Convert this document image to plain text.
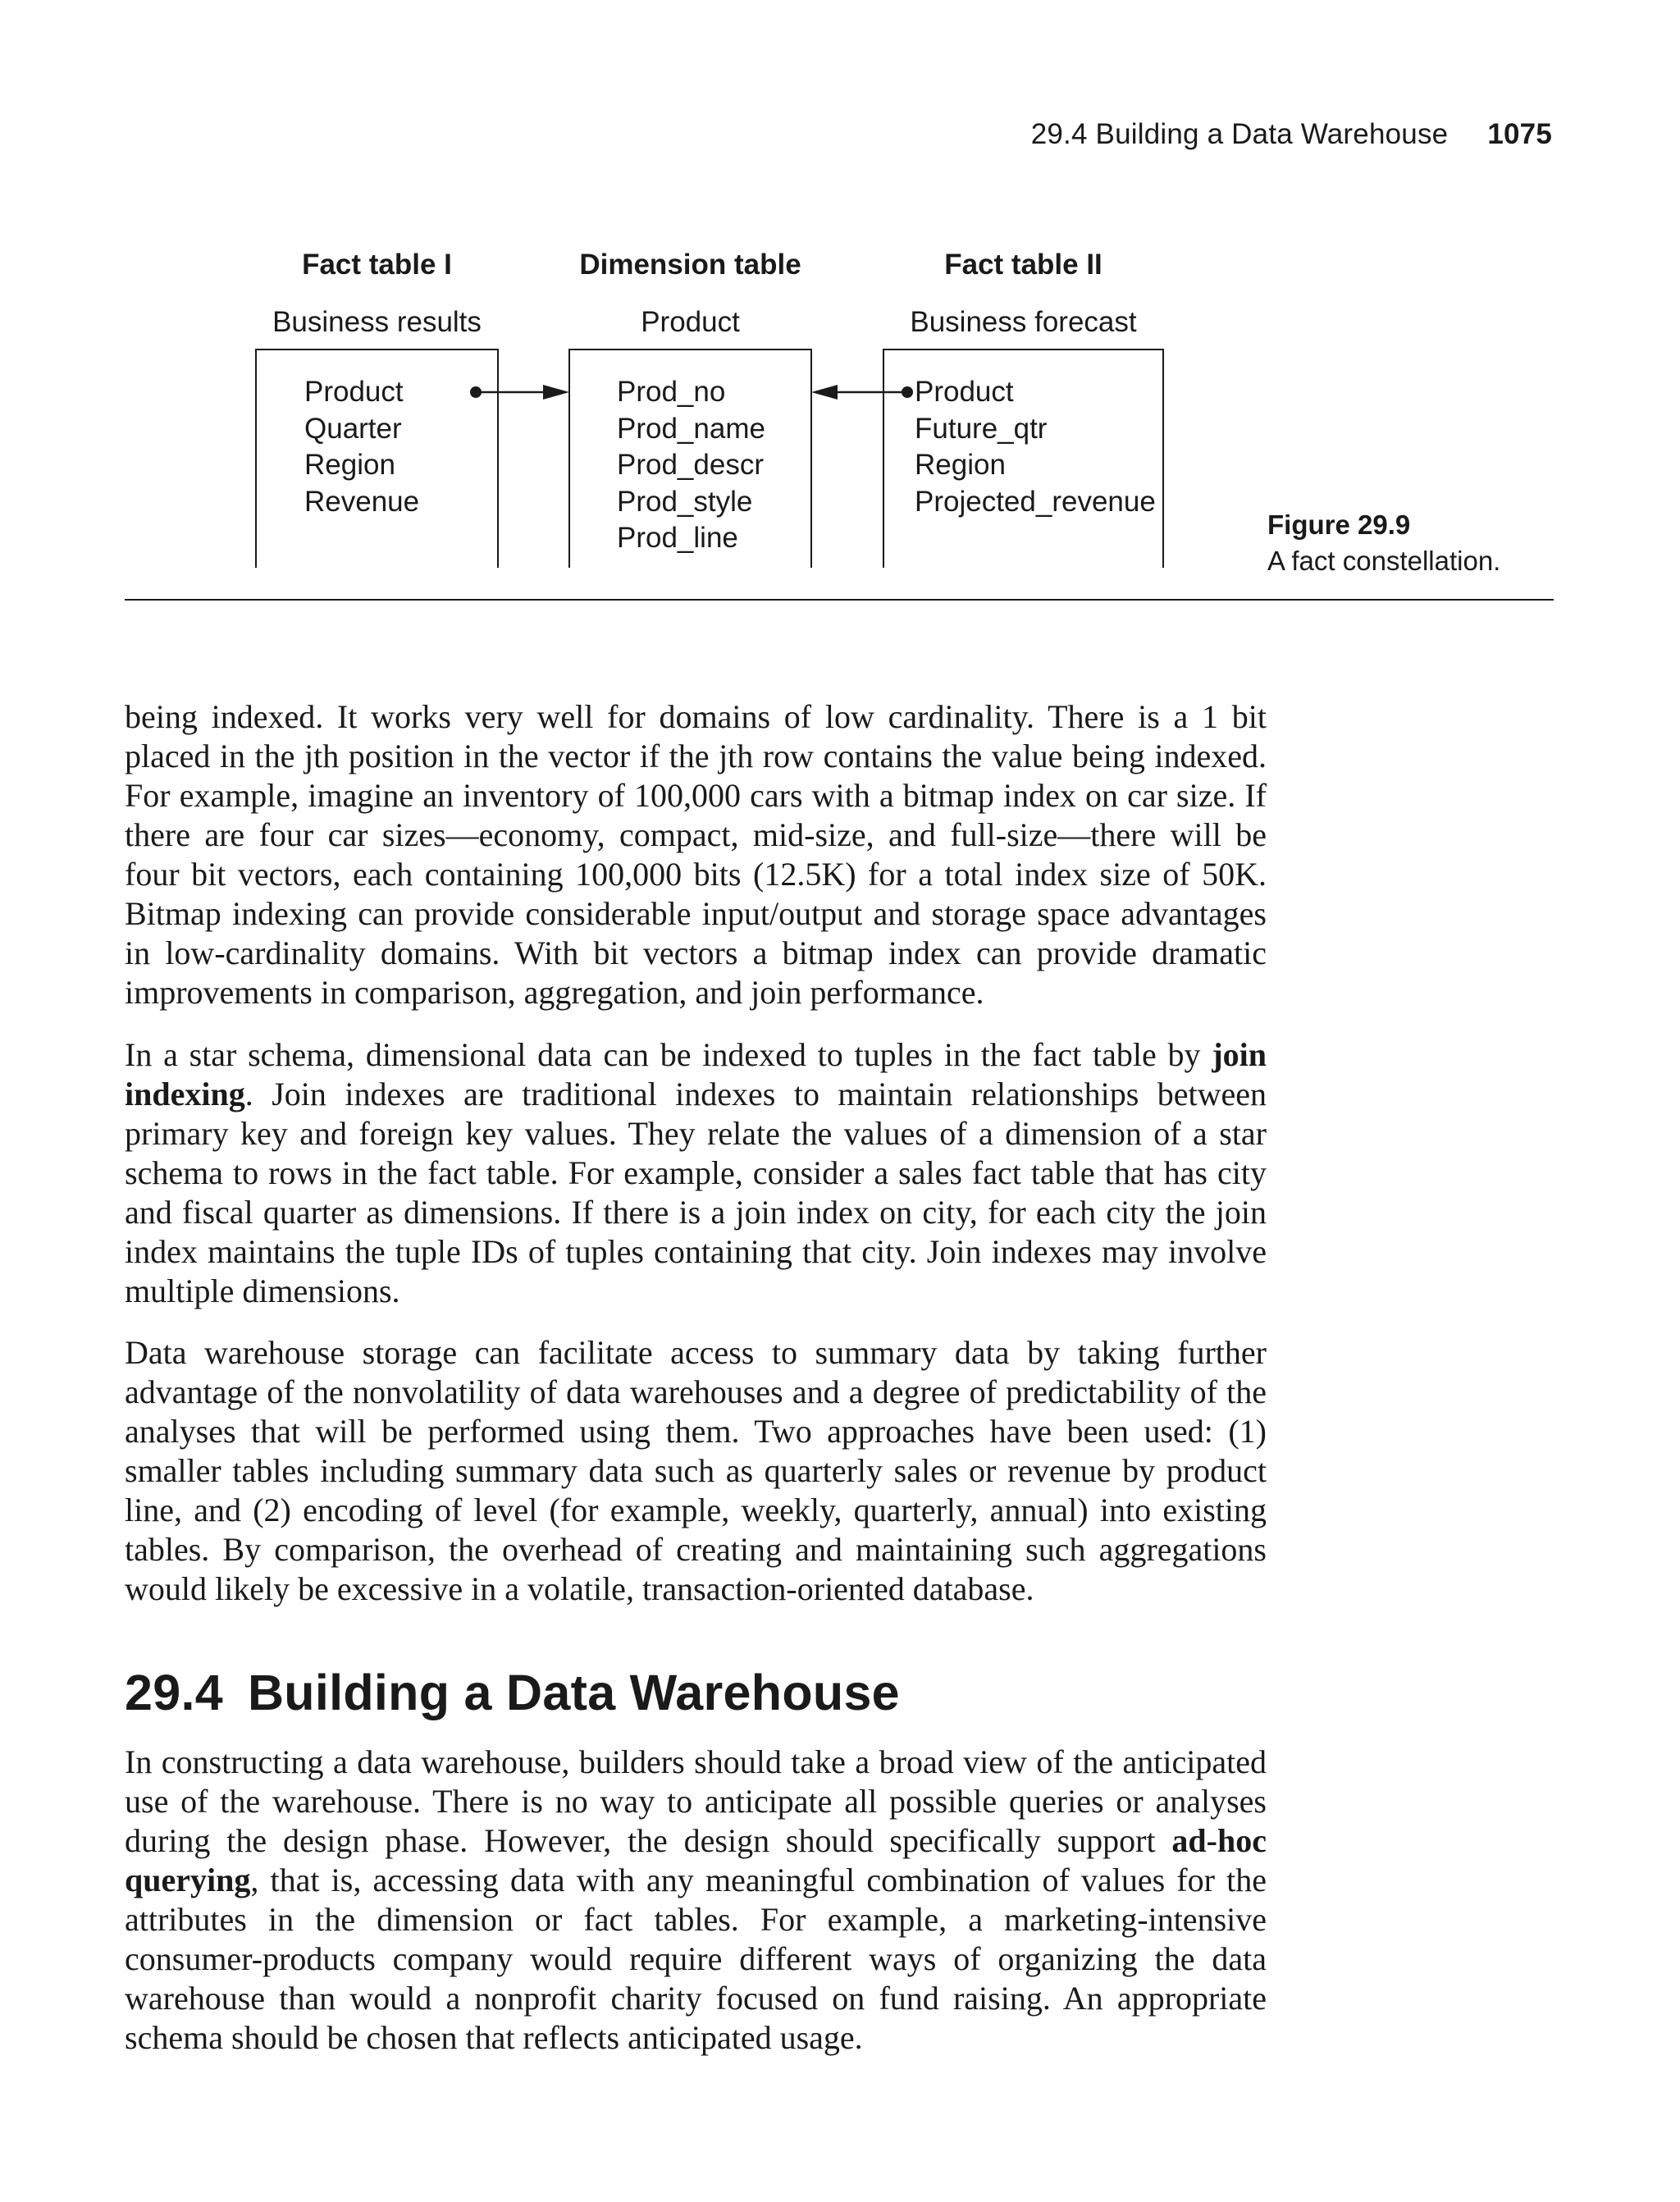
29.4 Building a Data Warehouse 1075
Fact table I
Business results
Product
Quarter
Region
Revenue
Dimension table
Product
Prod_no
Prod_name
Prod_descr
Prod_style
Prod_line
Fact table II
Business forecast
Product
Future_qtr
Region
Projected_revenue
Figure 29.9
A fact constellation.

being indexed. It works very well for domains of low cardinality. There is a 1 bit placed in the jth position in the vector if the jth row contains the value being indexed. For example, imagine an inventory of 100,000 cars with a bitmap index on car size. If there are four car sizes—economy, compact, mid-size, and full-size—there will be four bit vectors, each containing 100,000 bits (12.5K) for a total index size of 50K. Bitmap indexing can provide considerable input/output and storage space advantages in low-cardinality domains. With bit vectors a bitmap index can provide dramatic improvements in comparison, aggregation, and join performance.

In a star schema, dimensional data can be indexed to tuples in the fact table by join indexing. Join indexes are traditional indexes to maintain relationships between primary key and foreign key values. They relate the values of a dimension of a star schema to rows in the fact table. For example, consider a sales fact table that has city and fiscal quarter as dimensions. If there is a join index on city, for each city the join index maintains the tuple IDs of tuples containing that city. Join indexes may involve multiple dimensions.

Data warehouse storage can facilitate access to summary data by taking further advantage of the nonvolatility of data warehouses and a degree of predictability of the analyses that will be performed using them. Two approaches have been used: (1) smaller tables including summary data such as quarterly sales or revenue by product line, and (2) encoding of level (for example, weekly, quarterly, annual) into existing tables. By comparison, the overhead of creating and maintaining such aggregations would likely be excessive in a volatile, transaction-oriented database.

29.4 Building a Data Warehouse

In constructing a data warehouse, builders should take a broad view of the anticipated use of the warehouse. There is no way to anticipate all possible queries or analyses during the design phase. However, the design should specifically support ad-hoc querying, that is, accessing data with any meaningful combination of values for the attributes in the dimension or fact tables. For example, a marketing-intensive consumer-products company would require different ways of organizing the data warehouse than would a nonprofit charity focused on fund raising. An appropriate schema should be chosen that reflects anticipated usage.
